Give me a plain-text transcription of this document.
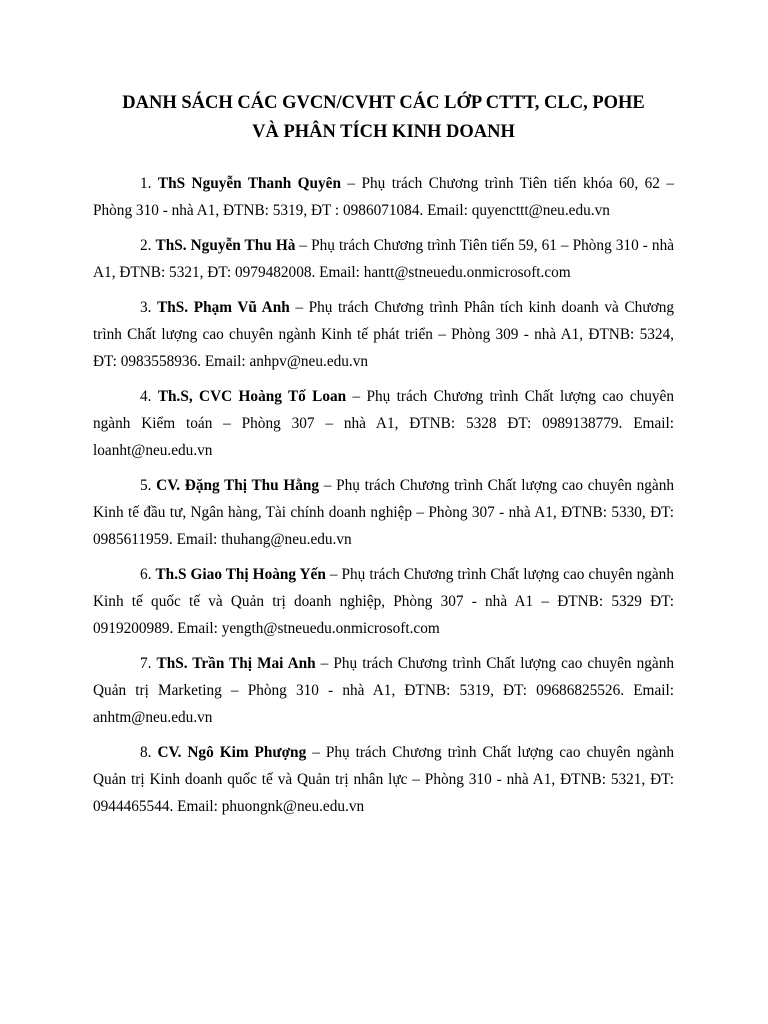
DANH SÁCH CÁC GVCN/CVHT CÁC LỚP CTTT, CLC, POHE
VÀ PHÂN TÍCH KINH DOANH

1. ThS Nguyễn Thanh Quyên – Phụ trách Chương trình Tiên tiến khóa 60, 62 – Phòng 310 - nhà A1, ĐTNB: 5319, ĐT : 0986071084. Email: quyencttt@neu.edu.vn

2. ThS. Nguyễn Thu Hà – Phụ trách Chương trình Tiên tiến 59, 61 – Phòng 310 - nhà A1, ĐTNB: 5321, ĐT: 0979482008. Email: hantt@stneuedu.onmicrosoft.com

3. ThS. Phạm Vũ Anh – Phụ trách Chương trình Phân tích kinh doanh và Chương trình Chất lượng cao chuyên ngành Kinh tế phát triển – Phòng 309 - nhà A1, ĐTNB: 5324, ĐT: 0983558936. Email: anhpv@neu.edu.vn

4. Th.S, CVC Hoàng Tố Loan – Phụ trách Chương trình Chất lượng cao chuyên ngành Kiểm toán – Phòng 307 – nhà A1, ĐTNB: 5328 ĐT: 0989138779. Email: loanht@neu.edu.vn

5. CV. Đặng Thị Thu Hằng – Phụ trách Chương trình Chất lượng cao chuyên ngành Kinh tế đầu tư, Ngân hàng, Tài chính doanh nghiệp – Phòng 307 - nhà A1, ĐTNB: 5330, ĐT: 0985611959. Email: thuhang@neu.edu.vn

6. Th.S Giao Thị Hoàng Yến – Phụ trách Chương trình Chất lượng cao chuyên ngành Kinh tế quốc tế và Quản trị doanh nghiệp, Phòng 307 - nhà A1 – ĐTNB: 5329 ĐT: 0919200989. Email: yength@stneuedu.onmicrosoft.com

7. ThS. Trần Thị Mai Anh – Phụ trách Chương trình Chất lượng cao chuyên ngành Quản trị Marketing – Phòng 310 - nhà A1, ĐTNB: 5319, ĐT: 09686825526. Email: anhtm@neu.edu.vn

8. CV. Ngô Kim Phượng – Phụ trách Chương trình Chất lượng cao chuyên ngành Quản trị Kinh doanh quốc tế và Quản trị nhân lực – Phòng 310 - nhà A1, ĐTNB: 5321, ĐT: 0944465544. Email: phuongnk@neu.edu.vn
